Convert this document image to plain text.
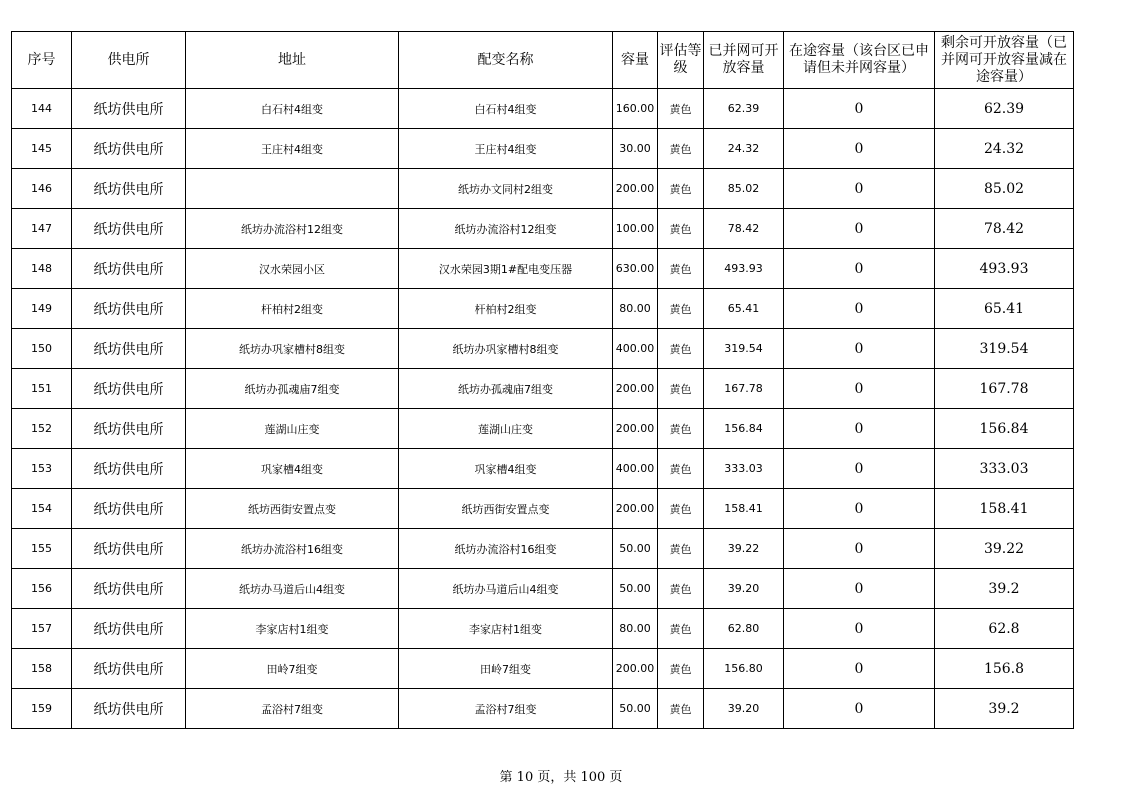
序号	供电所	地址	配变名称	容量	评估等级	已并网可开放容量	在途容量（该台区已申请但未并网容量）	剩余可开放容量（已并网可开放容量减在途容量）
144	纸坊供电所	白石村4组变	白石村4组变	160.00	黄色	62.39	0	62.39
145	纸坊供电所	王庄村4组变	王庄村4组变	30.00	黄色	24.32	0	24.32
146	纸坊供电所		纸坊办文同村2组变	200.00	黄色	85.02	0	85.02
147	纸坊供电所	纸坊办流浴村12组变	纸坊办流浴村12组变	100.00	黄色	78.42	0	78.42
148	纸坊供电所	汉水荣园小区	汉水荣园3期1#配电变压器	630.00	黄色	493.93	0	493.93
149	纸坊供电所	杆柏村2组变	杆柏村2组变	80.00	黄色	65.41	0	65.41
150	纸坊供电所	纸坊办巩家槽村8组变	纸坊办巩家槽村8组变	400.00	黄色	319.54	0	319.54
151	纸坊供电所	纸坊办孤魂庙7组变	纸坊办孤魂庙7组变	200.00	黄色	167.78	0	167.78
152	纸坊供电所	莲湖山庄变	莲湖山庄变	200.00	黄色	156.84	0	156.84
153	纸坊供电所	巩家槽4组变	巩家槽4组变	400.00	黄色	333.03	0	333.03
154	纸坊供电所	纸坊西街安置点变	纸坊西街安置点变	200.00	黄色	158.41	0	158.41
155	纸坊供电所	纸坊办流浴村16组变	纸坊办流浴村16组变	50.00	黄色	39.22	0	39.22
156	纸坊供电所	纸坊办马道后山4组变	纸坊办马道后山4组变	50.00	黄色	39.20	0	39.2
157	纸坊供电所	李家店村1组变	李家店村1组变	80.00	黄色	62.80	0	62.8
158	纸坊供电所	田岭7组变	田岭7组变	200.00	黄色	156.80	0	156.8
159	纸坊供电所	孟浴村7组变	孟浴村7组变	50.00	黄色	39.20	0	39.2
第 10 页，共 100 页
